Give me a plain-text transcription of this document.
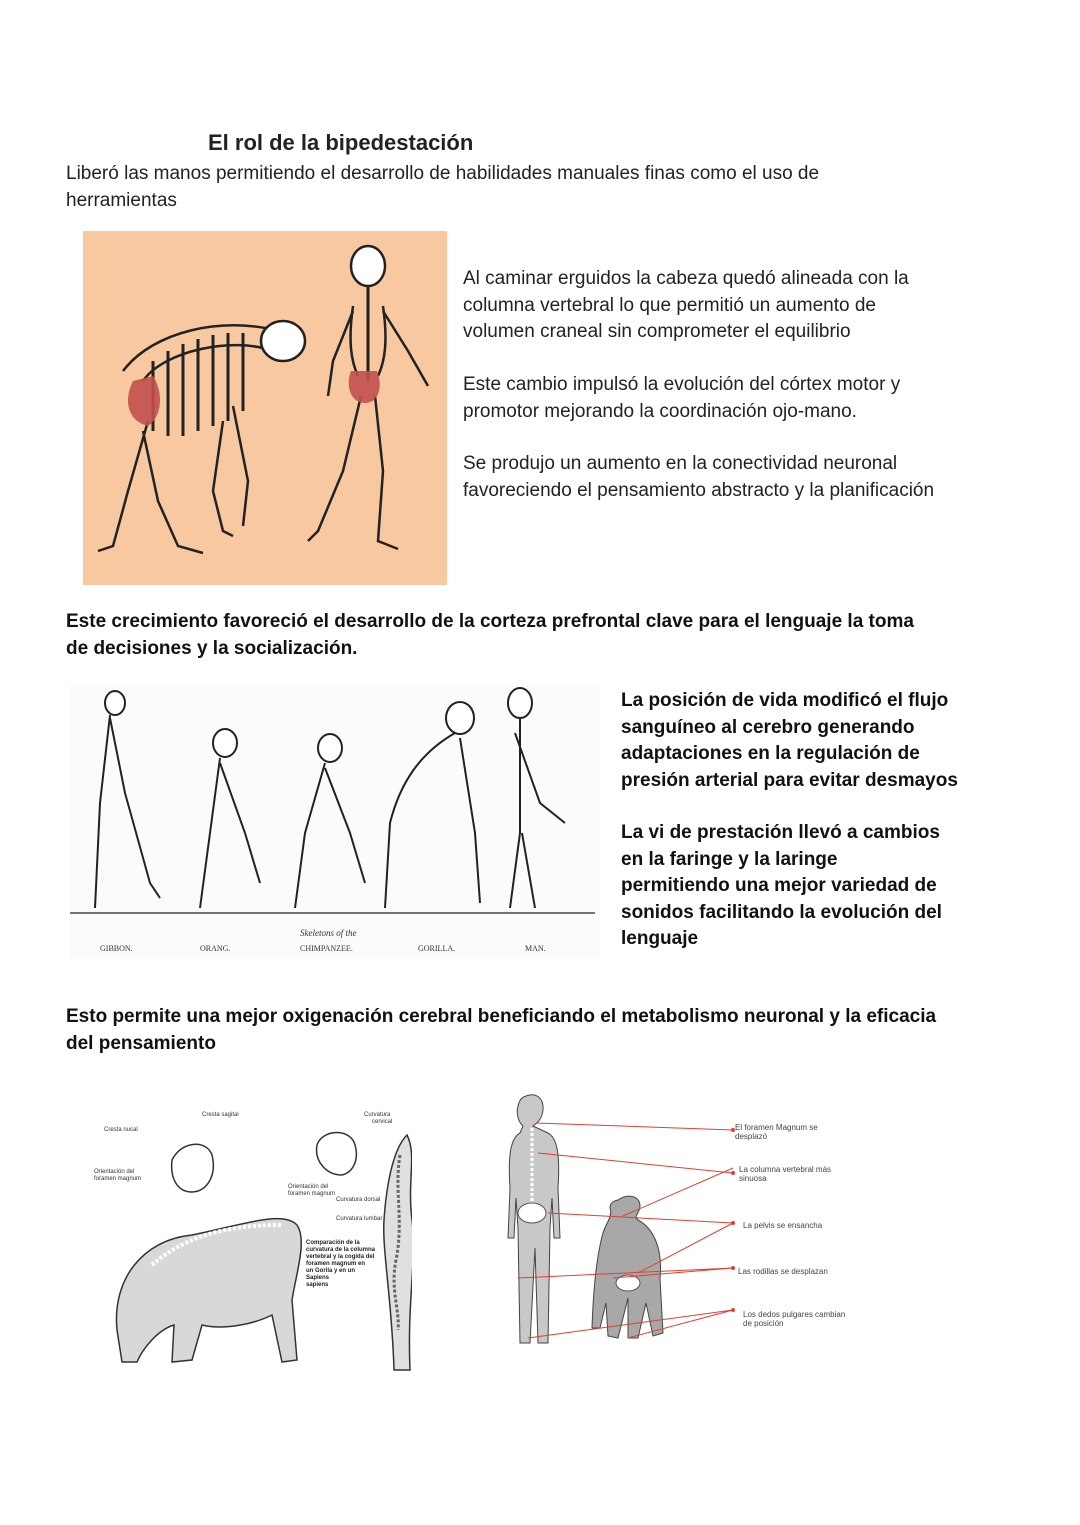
El rol de la bipedestación
Liberó las manos permitiendo el desarrollo de habilidades manuales finas como el uso de herramientas
Al caminar erguidos la cabeza quedó alineada con la columna vertebral lo que permitió un aumento de volumen craneal sin comprometer el equilibrio
Este cambio impulsó la evolución del córtex motor y promotor mejorando la coordinación ojo-mano.
Se produjo un aumento en la conectividad neuronal favoreciendo el pensamiento abstracto y la planificación
Este crecimiento favoreció el desarrollo de la corteza prefrontal clave para el lenguaje la toma de decisiones y la socialización.
Skeletons of the
GIBBON.	ORANG.	CHIMPANZEE.	GORILLA.	MAN.
La posición de vida modificó el flujo sanguíneo al cerebro generando adaptaciones en la regulación de presión arterial para evitar desmayos
La vi de prestación llevó a cambios en la faringe y la laringe permitiendo una mejor variedad de sonidos facilitando la evolución del lenguaje
Esto permite una mejor oxigenación cerebral beneficiando el metabolismo neuronal y la eficacia del pensamiento
Cresta sagital
Cresta nucal
Orientación del
foramen magnum
Orientación del
foramen magnum
Curvatura
cervical
Curvatura dorsal
Curvatura lumbar
Comparación de la
curvatura de la columna
vertebral y la cogida del
foramen magnum en
un Gorila y en un
Sapiens
sapiens
El foramen Magnum se
desplazó
La columna vertebral más
sinuosa
La pelvis se ensancha
Las rodillas se desplazan
Los dedos pulgares cambian
de posición
